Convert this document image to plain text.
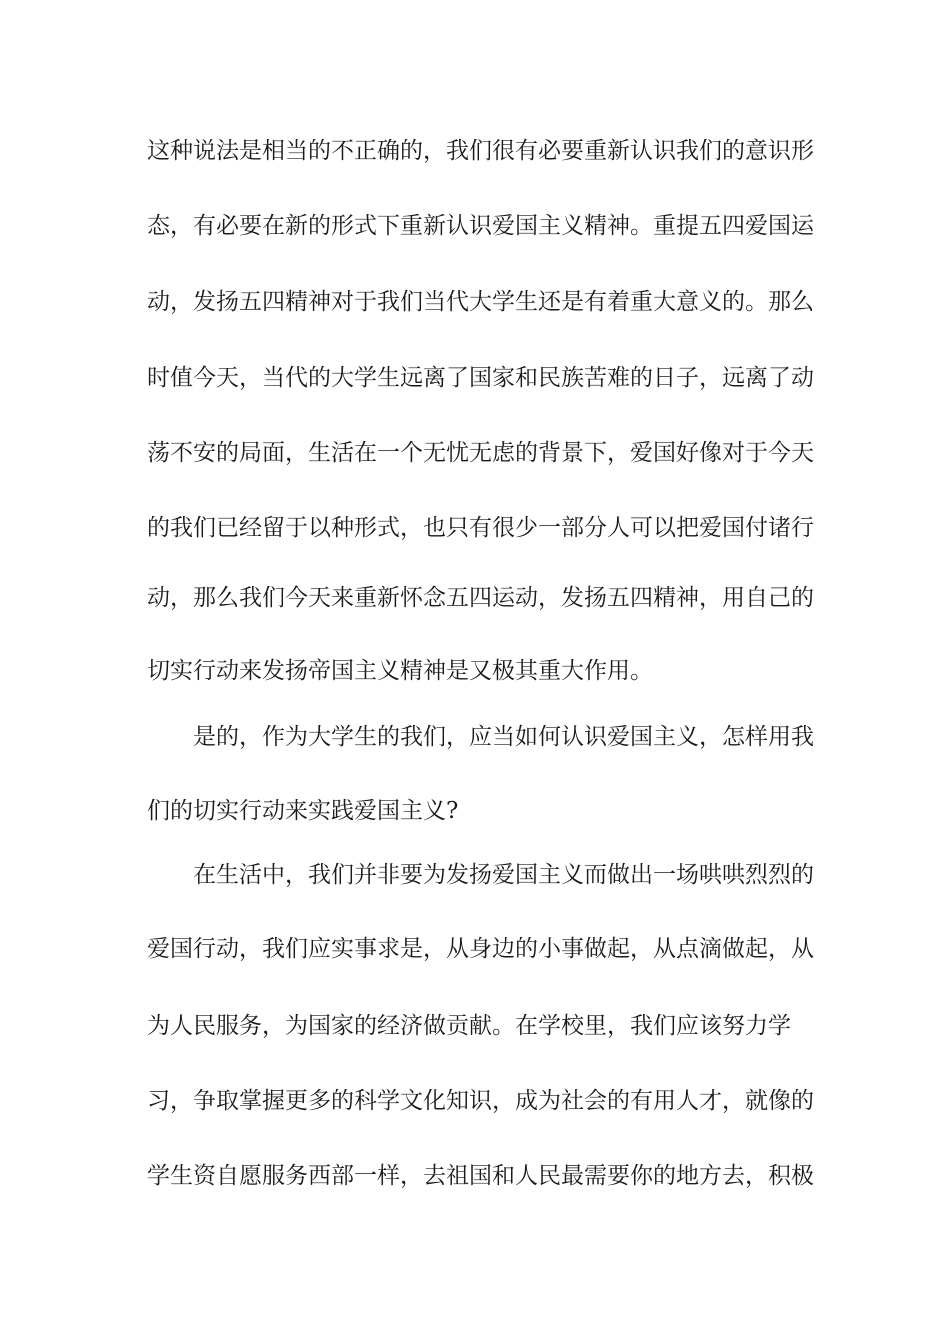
这种说法是相当的不正确的，我们很有必要重新认识我们的意识形
态，有必要在新的形式下重新认识爱国主义精神。重提五四爱国运
动，发扬五四精神对于我们当代大学生还是有着重大意义的。那么
时值今天，当代的大学生远离了国家和民族苦难的日子，远离了动
荡不安的局面，生活在一个无忧无虑的背景下，爱国好像对于今天
的我们已经留于以种形式，也只有很少一部分人可以把爱国付诸行
动，那么我们今天来重新怀念五四运动，发扬五四精神，用自己的
切实行动来发扬帝国主义精神是又极其重大作用。
是的，作为大学生的我们，应当如何认识爱国主义，怎样用我
们的切实行动来实践爱国主义?
在生活中，我们并非要为发扬爱国主义而做出一场哄哄烈烈的
爱国行动，我们应实事求是，从身边的小事做起，从点滴做起，从
为人民服务，为国家的经济做贡献。在学校里，我们应该努力学
习，争取掌握更多的科学文化知识，成为社会的有用人才，就像的
学生资自愿服务西部一样，去祖国和人民最需要你的地方去，积极
